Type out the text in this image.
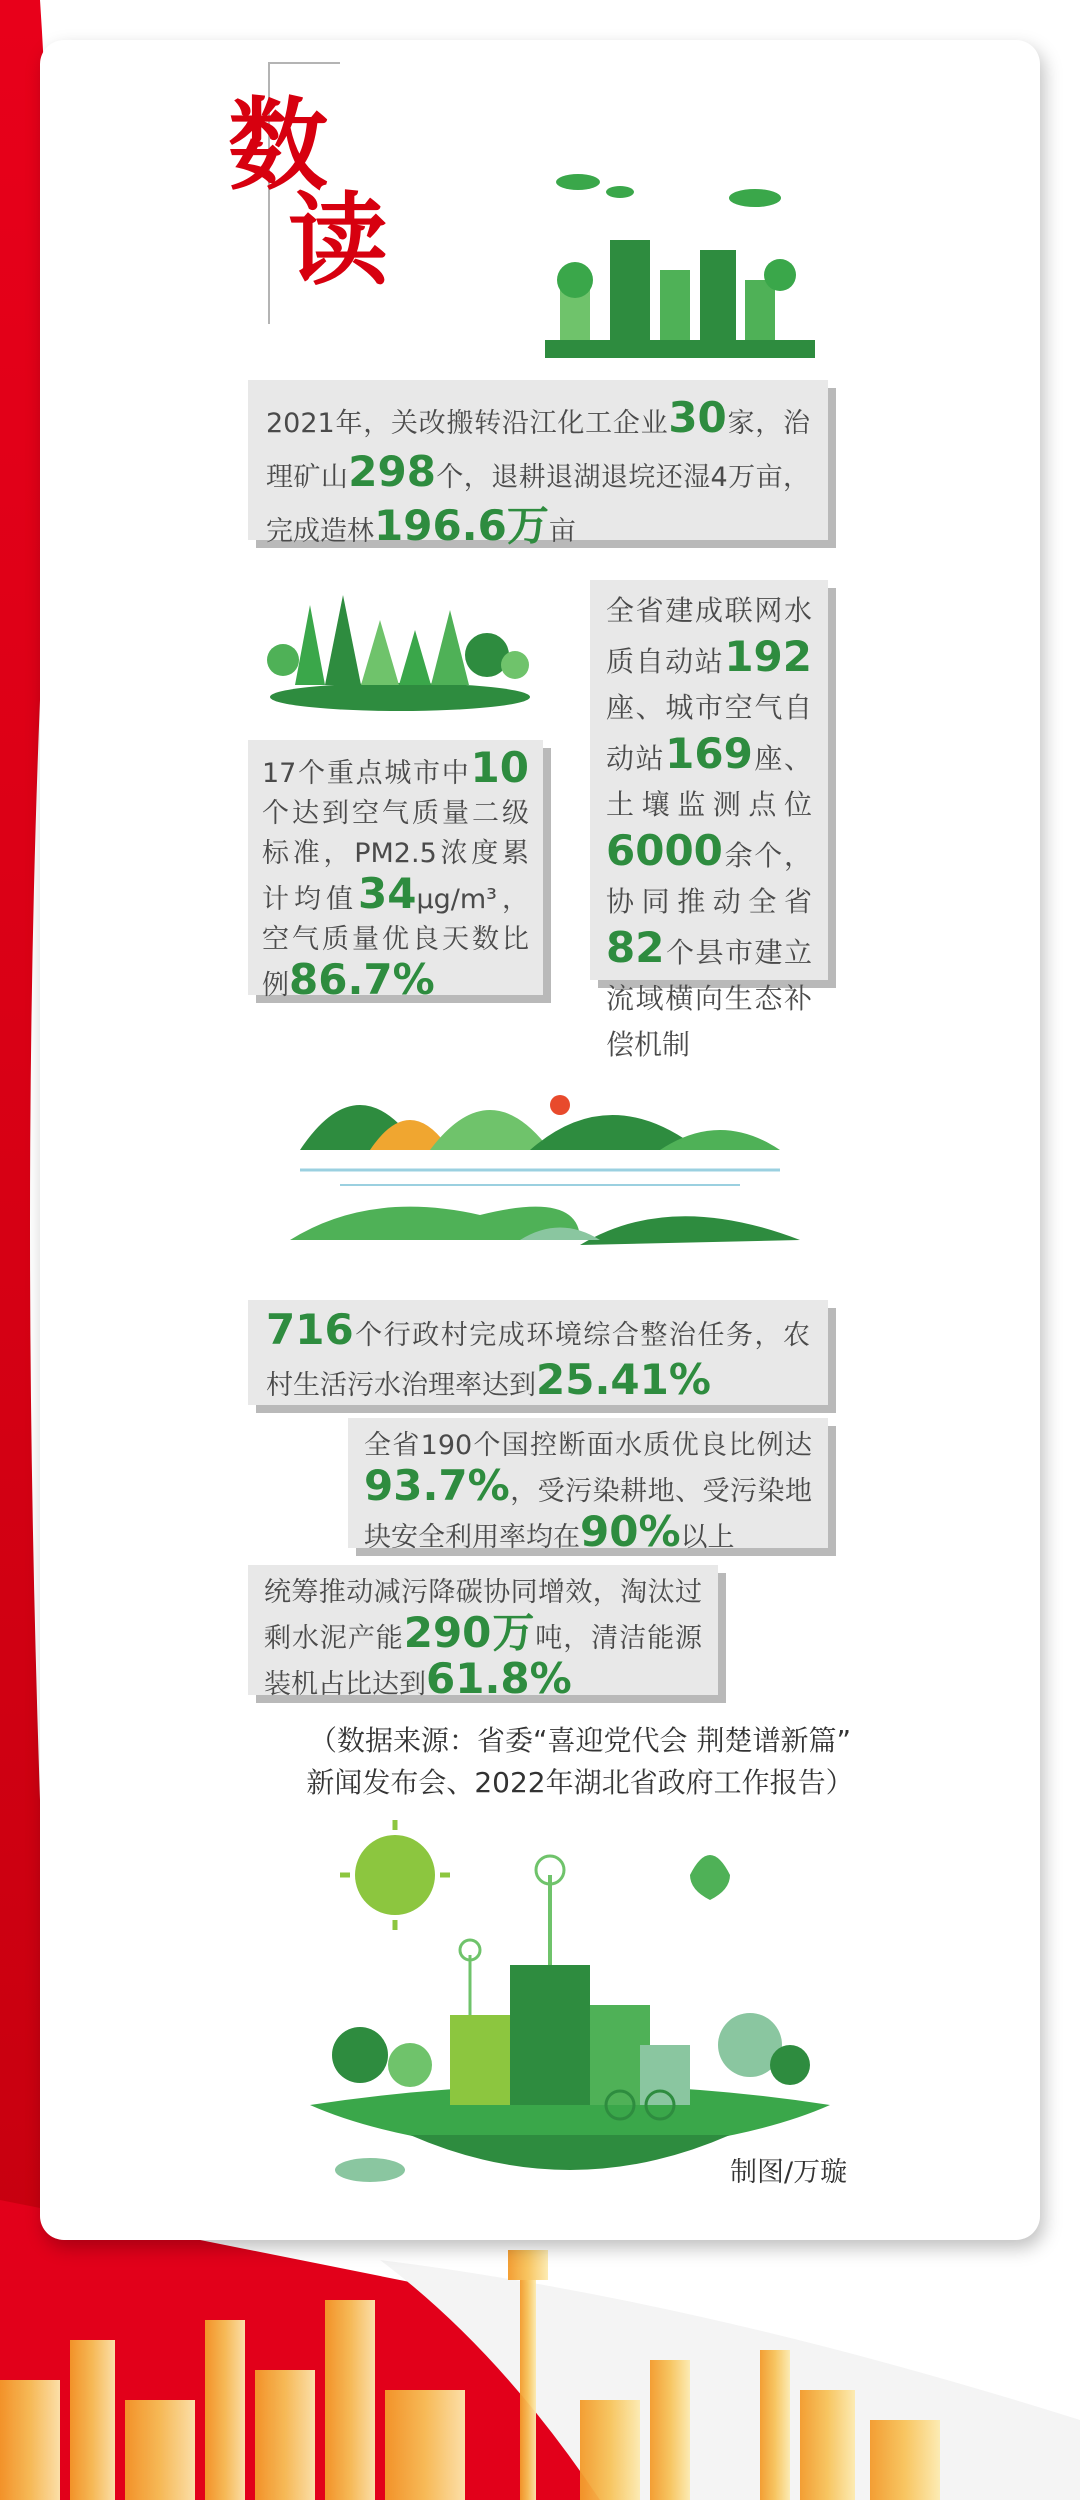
数
读
2021年，关改搬转沿江化工企业30家，治理矿山298个，退耕退湖退垸还湿4万亩，完成造林196.6万亩
全省建成联网水质自动站192座、城市空气自动站169座、土壤监测点位6000余个，协同推动全省82个县市建立流域横向生态补偿机制
17个重点城市中10个达到空气质量二级标准，PM2.5浓度累计均值34μg/m³，空气质量优良天数比例86.7%
716个行政村完成环境综合整治任务，农村生活污水治理率达到25.41%
全省190个国控断面水质优良比例达93.7%，受污染耕地、受污染地块安全利用率均在90%以上
统筹推动减污降碳协同增效，淘汰过剩水泥产能290万吨，清洁能源装机占比达到61.8%
（数据来源：省委“喜迎党代会 荆楚谱新篇”
新闻发布会、2022年湖北省政府工作报告）
制图/万璇
